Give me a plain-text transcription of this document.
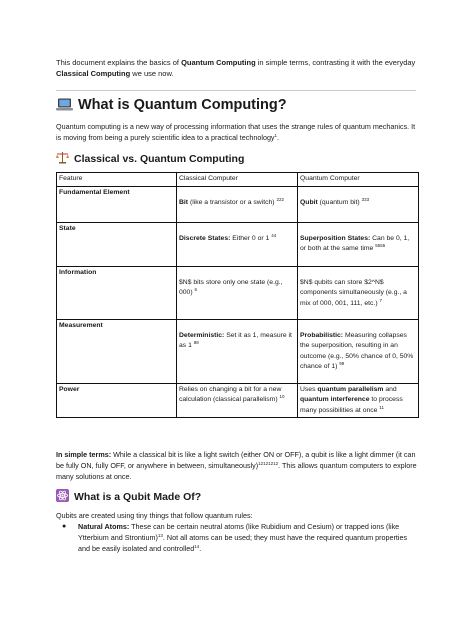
This document explains the basics of Quantum Computing in simple terms, contrasting it with the everyday Classical Computing we use now.
What is Quantum Computing?
Quantum computing is a new way of processing information that uses the strange rules of quantum mechanics. It is moving from being a purely scientific idea to a practical technology$^1$.
Classical vs. Quantum Computing
Feature	Classical Computer	Quantum Computer
Fundamental Element	Bit (like a transistor or a switch) $^{222}$	Qubit (quantum bit) $^{333}$

State	Discrete States: Either 0 or 1 $^{44}$	Superposition States: Can be 0, 1, or both at the same time $^{5555}$

Information	$N$ bits store only one state (e.g., 000) $^6$	$N$ qubits can store $2^N$ components simultaneously (e.g., a mix of 000, 001, 111, etc.) $^7$

Measurement	Deterministic: Set it as 1, measure it as 1 $^{88}$	Probabilistic: Measuring collapses the superposition, resulting in an outcome (e.g., 50% chance of 0, 50% chance of 1) $^{99}$

Power	Relies on changing a bit for a new calculation (classical parallelism) $^{10}$	Uses quantum parallelism and quantum interference to process many possibilities at once $^{11}$
In simple terms: While a classical bit is like a light switch (either ON or OFF), a qubit is like a light dimmer (it can be fully ON, fully OFF, or anywhere in between, simultaneously)$^{12121212}$. This allows quantum computers to explore many solutions at once.
What is a Qubit Made Of?
Qubits are created using tiny things that follow quantum rules:
● Natural Atoms: These can be certain neutral atoms (like Rubidium and Cesium) or trapped ions (like Ytterbium and Strontium)$^{13}$. Not all atoms can be used; they must have the required quantum properties and be easily isolated and controlled$^{14}$.
